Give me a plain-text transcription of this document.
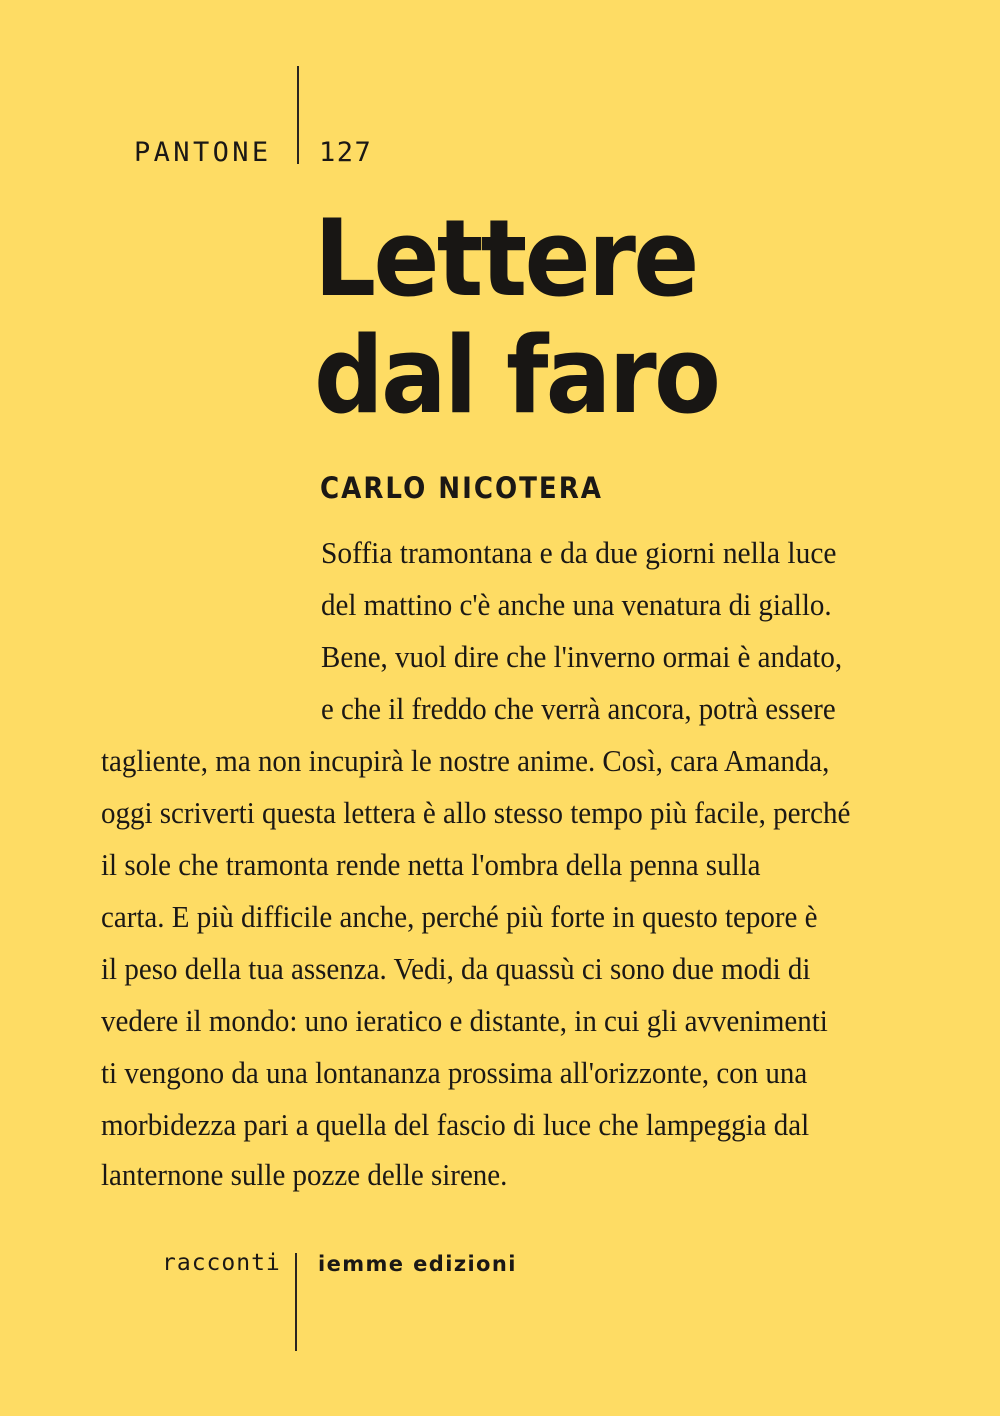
PANTONE 127
Lettere
dal faro
CARLO NICOTERA
Soffia tramontana e da due giorni nella luce
del mattino c'è anche una venatura di giallo.
Bene, vuol dire che l'inverno ormai è andato,
e che il freddo che verrà ancora, potrà essere
tagliente, ma non incupirà le nostre anime. Così, cara Amanda,
oggi scriverti questa lettera è allo stesso tempo più facile, perché
il sole che tramonta rende netta l'ombra della penna sulla
carta. E più difficile anche, perché più forte in questo tepore è
il peso della tua assenza. Vedi, da quassù ci sono due modi di
vedere il mondo: uno ieratico e distante, in cui gli avvenimenti
ti vengono da una lontananza prossima all'orizzonte, con una
morbidezza pari a quella del fascio di luce che lampeggia dal
lanternone sulle pozze delle sirene.
racconti iemme edizioni
